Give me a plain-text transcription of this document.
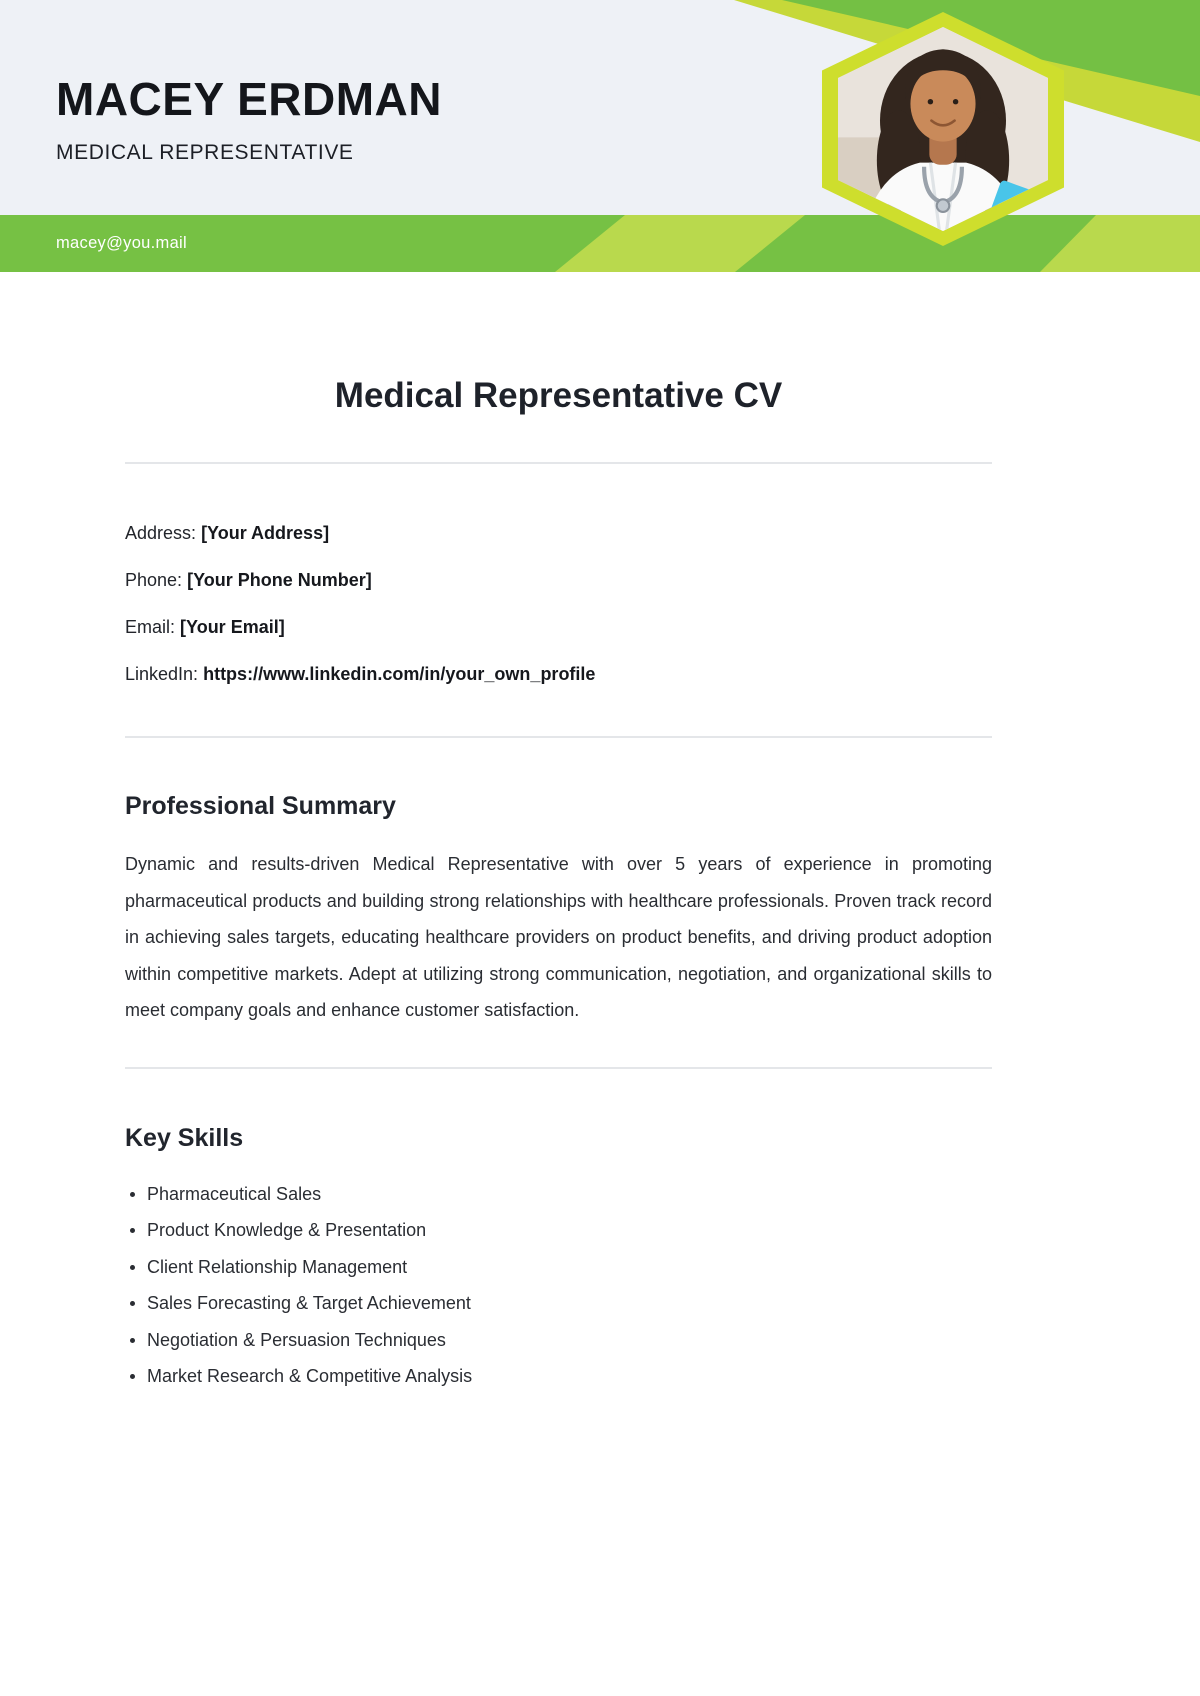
MACEY ERDMAN
MEDICAL REPRESENTATIVE
macey@you.mail
Medical Representative CV

Address: [Your Address]

Phone: [Your Phone Number]

Email: [Your Email]

LinkedIn: https://www.linkedin.com/in/your_own_profile

Professional Summary

Dynamic and results-driven Medical Representative with over 5 years of experience in promoting pharmaceutical products and building strong relationships with healthcare professionals. Proven track record in achieving sales targets, educating healthcare providers on product benefits, and driving product adoption within competitive markets. Adept at utilizing strong communication, negotiation, and organizational skills to meet company goals and enhance customer satisfaction.

Key Skills
Pharmaceutical Sales
Product Knowledge & Presentation
Client Relationship Management
Sales Forecasting & Target Achievement
Negotiation & Persuasion Techniques
Market Research & Competitive Analysis
